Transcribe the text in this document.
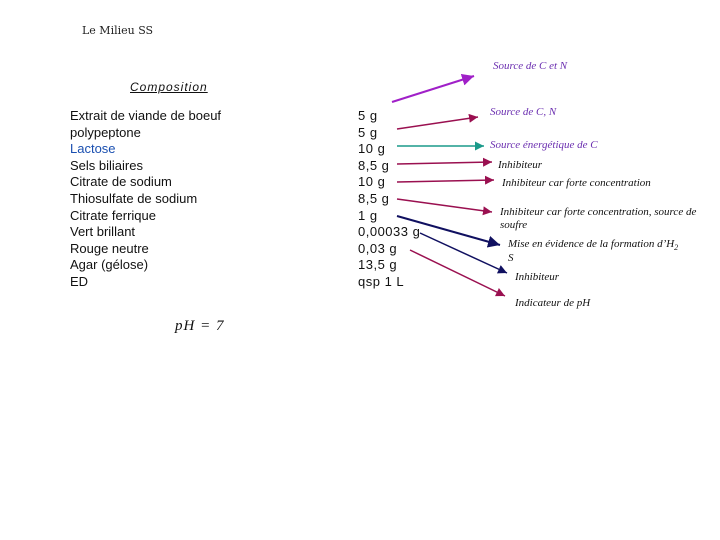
Le Milieu SS
Composition
Extrait de viande de boeuf
polypeptone
Lactose
Sels biliaires
Citrate de sodium
Thiosulfate de sodium
Citrate ferrique
Vert brillant
Rouge neutre
Agar (gélose)
ED
5 g
5 g
10 g
8,5 g
10 g
8,5 g
1 g
0,00033 g
0,03 g
13,5 g
qsp 1 L
Source de C et N
Source de C, N
Source énergétique de C
Inhibiteur
Inhibiteur car forte concentration
Inhibiteur car forte concentration, source de soufre
Mise en évidence de la formation $d’H_2$
S
Inhibiteur
Indicateur de pH
pH = 7
